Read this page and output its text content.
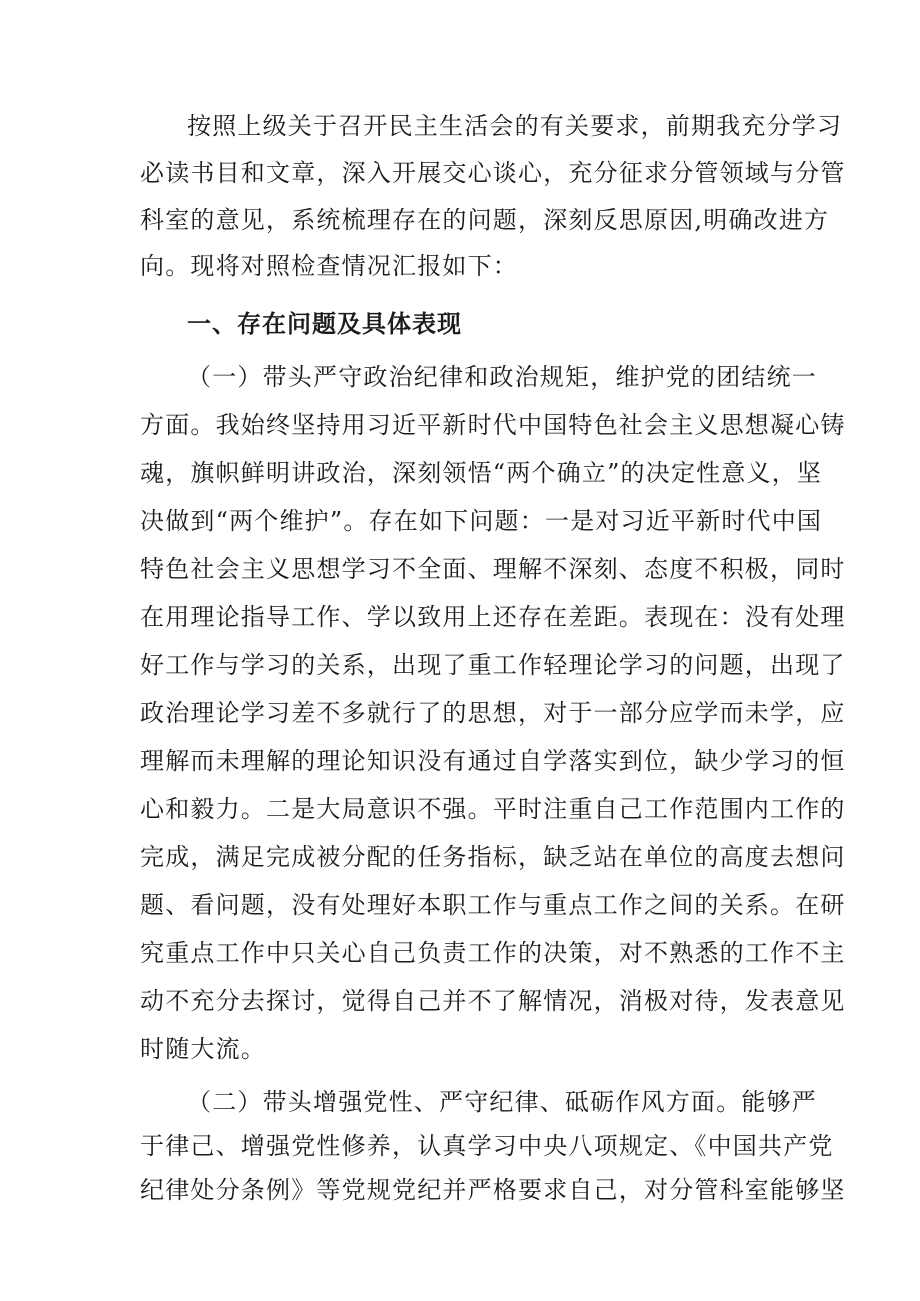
按照上级关于召开民主生活会的有关要求，前期我充分学习
必读书目和文章，深入开展交心谈心，充分征求分管领域与分管
科室的意见，系统梳理存在的问题，深刻反思原因,明确改进方
向。现将对照检查情况汇报如下：
一、存在问题及具体表现
（一）带头严守政治纪律和政治规矩，维护党的团结统一
方面。我始终坚持用习近平新时代中国特色社会主义思想凝心铸
魂，旗帜鲜明讲政治，深刻领悟“两个确立”的决定性意义，坚
决做到“两个维护”。存在如下问题：一是对习近平新时代中国
特色社会主义思想学习不全面、理解不深刻、态度不积极，同时
在用理论指导工作、学以致用上还存在差距。表现在：没有处理
好工作与学习的关系，出现了重工作轻理论学习的问题，出现了
政治理论学习差不多就行了的思想，对于一部分应学而未学，应
理解而未理解的理论知识没有通过自学落实到位，缺少学习的恒
心和毅力。二是大局意识不强。平时注重自己工作范围内工作的
完成，满足完成被分配的任务指标，缺乏站在单位的高度去想问
题、看问题，没有处理好本职工作与重点工作之间的关系。在研
究重点工作中只关心自己负责工作的决策，对不熟悉的工作不主
动不充分去探讨，觉得自己并不了解情况，消极对待，发表意见
时随大流。
（二）带头增强党性、严守纪律、砥砺作风方面。能够严
于律己、增强党性修养，认真学习中央八项规定、《中国共产党
纪律处分条例》等党规党纪并严格要求自己，对分管科室能够坚
